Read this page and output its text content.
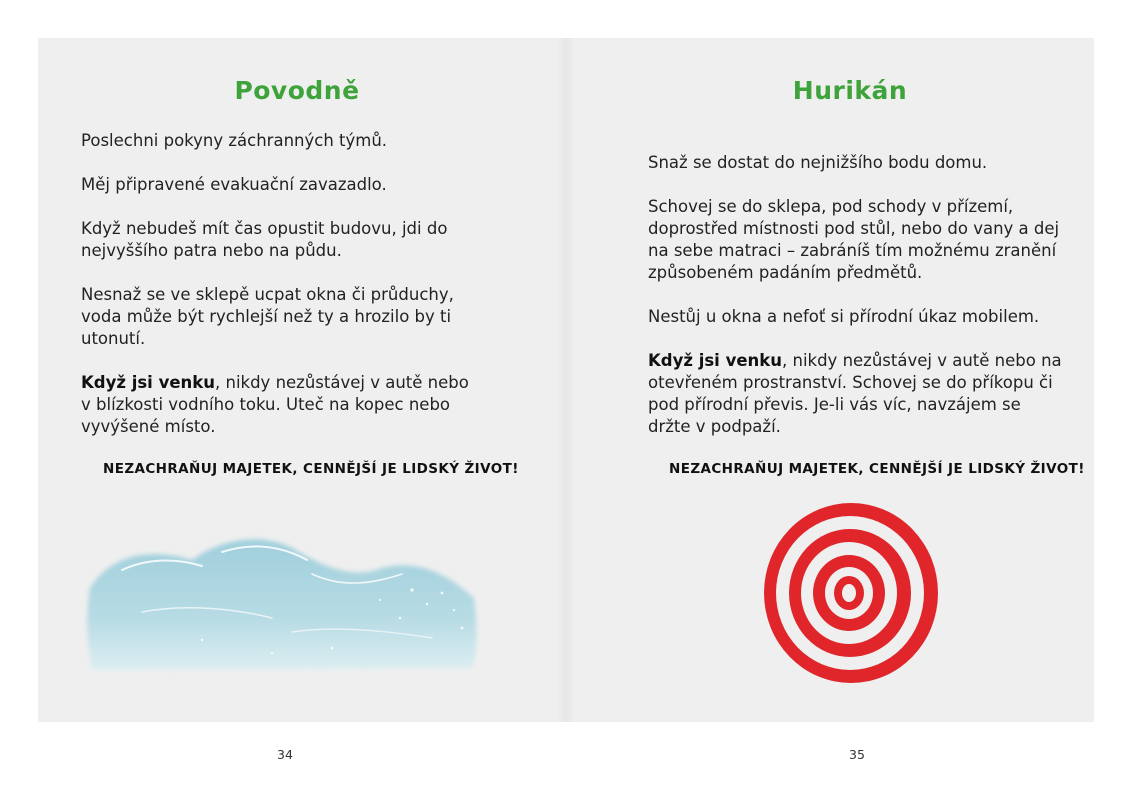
Povodně

Poslechni pokyny záchranných týmů.

Měj připravené evakuační zavazadlo.

Když nebudeš mít čas opustit budovu, jdi do nejvyššího patra nebo na půdu.

Nesnaž se ve sklepě ucpat okna či průduchy, voda může být rychlejší než ty a hrozilo by ti utonutí.

Když jsi venku, nikdy nezůstávej v autě nebo v blízkosti vodního toku. Uteč na kopec nebo vyvýšené místo.

NEZACHRAŇUJ MAJETEK, CENNĚJŠÍ JE LIDSKÝ ŽIVOT!
Hurikán

Snaž se dostat do nejnižšího bodu domu.

Schovej se do sklepa, pod schody v přízemí, doprostřed místnosti pod stůl, nebo do vany a dej na sebe matraci – zabráníš tím možnému zranění způsobeném padáním předmětů.

Nestůj u okna a nefoť si přírodní úkaz mobilem.

Když jsi venku, nikdy nezůstávej v autě nebo na otevřeném prostranství. Schovej se do příkopu či pod přírodní převis. Je-li vás víc, navzájem se držte v podpaží.

NEZACHRAŇUJ MAJETEK, CENNĚJŠÍ JE LIDSKÝ ŽIVOT!
34	35
